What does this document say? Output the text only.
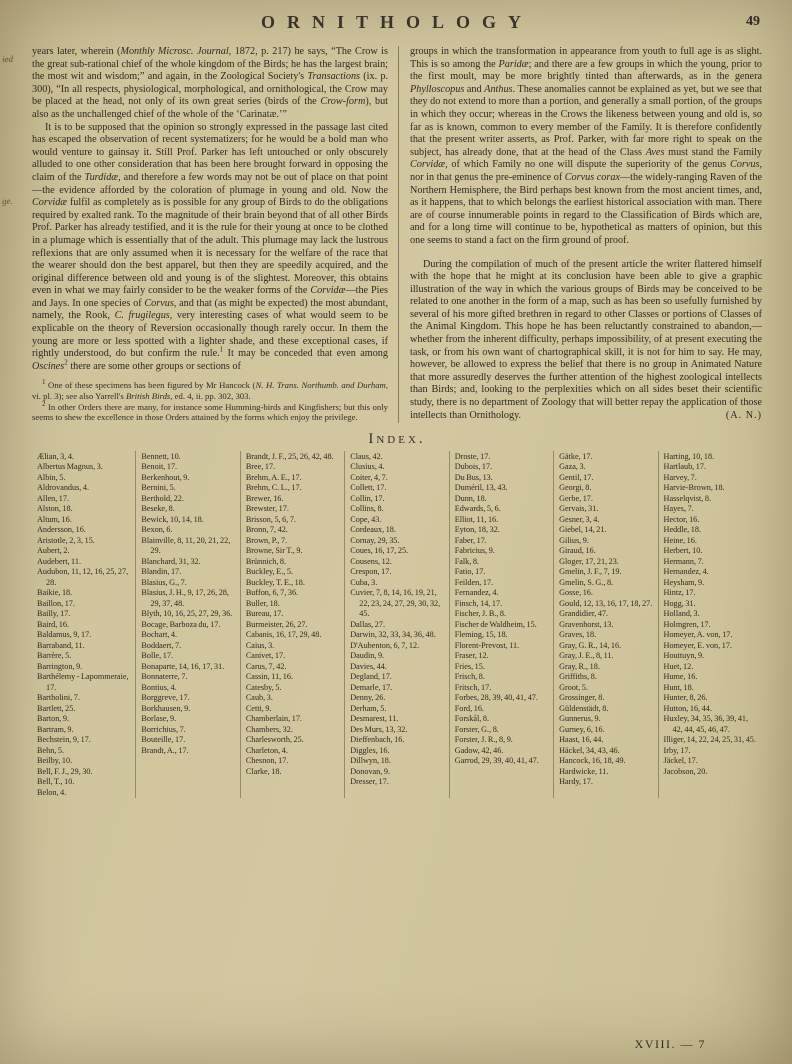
ied
ge.
ORNITHOLOGY	49
years later, wherein (Monthly Microsc. Journal, 1872, p. 217) he says, “The Crow is the great sub-rational chief of the whole kingdom of the Birds; he has the largest brain; the most wit and wisdom;” and again, in the Zoological Society's Transactions (ix. p. 300), “In all respects, physiological, morphological, and ornithological, the Crow may be placed at the head, not only of its own great series (birds of the Crow-form), but also as the unchallenged chief of the whole of the ‘Carinatæ.’”
It is to be supposed that the opinion so strongly expressed in the passage last cited has escaped the observation of recent systematizers; for he would be a bold man who would venture to gainsay it. Still Prof. Parker has left untouched or only obscurely alluded to one other consideration that has been here brought forward in opposing the claim of the Turdidæ, and therefore a few words may not be out of place on that point—the evidence afforded by the coloration of plumage in young and old. Now the Corvidæ fulfil as completely as is possible for any group of Birds to do the obligations required by exalted rank. To the magnitude of their brain beyond that of all other Birds Prof. Parker has already testified, and it is the rule for their young at once to be clothed in a plumage which is essentially that of the adult. This plumage may lack the lustrous reflexions that are only assumed when it is necessary for the welfare of the race that the wearer should don the best apparel, but then they are speedily acquired, and the original difference between old and young is of the slightest. Moreover, this obtains even in what we may fairly consider to be the weaker forms of the Corvidæ—the Pies and Jays. In one species of Corvus, and that (as might be expected) the most abundant, namely, the Rook, C. frugilegus, very interesting cases of what would seem to be explicable on the theory of Reversion occasionally though rarely occur. In them the young are more or less spotted with a lighter shade, and these exceptional cases, if rightly understood, do but confirm the rule.$^1$ It may be conceded that even among Oscines$^2$ there are some other groups or sections of
$^1$ One of these specimens has been figured by Mr Hancock (N. H. Trans. Northumb. and Durham, vi. pl. 3); see also Yarrell's British Birds, ed. 4, ii. pp. 302, 303.
$^2$ In other Orders there are many, for instance some Humming-birds and Kingfishers; but this only seems to shew the excellence in those Orders attained by the forms which enjoy the privilege.
groups in which the transformation in appearance from youth to full age is as slight. This is so among the Paridæ; and there are a few groups in which the young, prior to the first moult, may be more brightly tinted than afterwards, as in the genera Phylloscopus and Anthus. These anomalies cannot be explained as yet, but we see that they do not extend to more than a portion, and generally a small portion, of the groups in which they occur; whereas in the Crows the likeness between young and old is, so far as is known, common to every member of the Family. It is therefore confidently that the present writer asserts, as Prof. Parker, with far more right to speak on the subject, has already done, that at the head of the Class Aves must stand the Family Corvidæ, of which Family no one will dispute the superiority of the genus Corvus, nor in that genus the pre-eminence of Corvus corax—the widely-ranging Raven of the Northern Hemisphere, the Bird perhaps best known from the most ancient times, and, as it happens, that to which belongs the earliest historical association with man. There are of course innumerable points in regard to the Classification of Birds which are, and for a long time will continue to be, hypothetical as matters of opinion, but this one seems to stand a fact on the firm ground of proof.
During the compilation of much of the present article the writer flattered himself with the hope that he might at its conclusion have been able to give a graphic illustration of the way in which the various groups of Birds may be conceived to be related to one another in the form of a map, such as has been so usefully furnished by several of his more gifted brethren in regard to other Classes or portions of Classes of the Animal Kingdom. This hope he has been reluctantly constrained to abandon,—whether from the inherent difficulty, perhaps impossibility, of at present executing the task, or from his own want of chartographical skill, it is not for him to say. He may, however, be allowed to express the belief that there is no group in Animated Nature that more assuredly deserves the further attention of the highest zoological intellects than Birds; and, looking to the perplexities which on all sides beset their scientific study, there is no department of Zoology that will better repay the application of those intellects than Ornithology.	(A. N.)
Index.
Ælian, 3, 4.
Albertus Magnus, 3.
Albin, 5.
Aldrovandus, 4.
Allen, 17.
Alston, 18.
Altum, 16.
Andersson, 16.
Aristotle, 2, 3, 15.
Aubert, 2.
Audebert, 11.
Audubon, 11, 12, 16, 25, 27, 28.
Baikie, 18.
Baillon, 17.
Bailly, 17.
Baird, 16.
Baldamus, 9, 17.
Barraband, 11.
Barrère, 5.
Barrington, 9.
Barthélemy - Lapommeraie, 17.
Bartholini, 7.
Bartlett, 25.
Barton, 9.
Bartram, 9.
Bechstein, 9, 17.
Behn, 5.
Beilby, 10.
Bell, F. J., 29, 30.
Bell, T., 10.
Belon, 4.
Bennett, 10.
Benoit, 17.
Berkenhout, 9.
Bernini, 5.
Berthold, 22.
Beseke, 8.
Bewick, 10, 14, 18.
Bexon, 6.
Blainville, 8, 11, 20, 21, 22, 29.
Blanchard, 31, 32.
Blandin, 17.
Blasius, G., 7.
Blasius, J. H., 9, 17, 26, 28, 29, 37, 48.
Blyth, 10, 16, 25, 27, 29, 36.
Bocage, Barboza du, 17.
Bochart, 4.
Boddaert, 7.
Bolle, 17.
Bonaparte, 14, 16, 17, 31.
Bonnaterre, 7.
Bontius, 4.
Borggreve, 17.
Borkhausen, 9.
Borlase, 9.
Borrichius, 7.
Bouteille, 17.
Brandt, A., 17.
Brandt, J. F., 25, 26, 42, 48.
Bree, 17.
Brehm, A. E., 17.
Brehm, C. L., 17.
Brewer, 16.
Brewster, 17.
Brisson, 5, 6, 7.
Bronn, 7, 42.
Brown, P., 7.
Browne, Sir T., 9.
Brünnich, 8.
Buckley, E., 5.
Buckley, T. E., 18.
Buffon, 6, 7, 36.
Buller, 18.
Bureau, 17.
Burmeister, 26, 27.
Cabanis, 16, 17, 29, 48.
Caius, 3.
Canivet, 17.
Carus, 7, 42.
Cassin, 11, 16.
Catesby, 5.
Caub, 3.
Cetti, 9.
Chamberlain, 17.
Chambers, 32.
Charlesworth, 25.
Charleton, 4.
Chesnon, 17.
Clarke, 18.
Claus, 42.
Clusius, 4.
Coiter, 4, 7.
Collett, 17.
Collin, 17.
Collins, 8.
Cope, 43.
Cordeaux, 18.
Cornay, 29, 35.
Coues, 16, 17, 25.
Cousens, 12.
Crespon, 17.
Cuba, 3.
Cuvier, 7, 8, 14, 16, 19, 21, 22, 23, 24, 27, 29, 30, 32, 45.
Dallas, 27.
Darwin, 32, 33, 34, 36, 48.
D'Aubenton, 6, 7, 12.
Daudin, 9.
Davies, 44.
Degland, 17.
Demarle, 17.
Denny, 26.
Derham, 5.
Desmarest, 11.
Des Murs, 13, 32.
Dieffenbach, 16.
Diggles, 16.
Dillwyn, 18.
Donovan, 9.
Dresser, 17.
Droste, 17.
Dubois, 17.
Du Bus, 13.
Duméril, 13, 43.
Dunn, 18.
Edwards, 5, 6.
Elliot, 11, 16.
Eyton, 18, 32.
Faber, 17.
Fabricius, 9.
Falk, 8.
Fatio, 17.
Feilden, 17.
Fernandez, 4.
Finsch, 14, 17.
Fischer, J. B., 8.
Fischer de Waldheim, 15.
Fleming, 15, 18.
Florent-Prevost, 11.
Fraser, 12.
Fries, 15.
Frisch, 8.
Fritsch, 17.
Forbes, 28, 39, 40, 41, 47.
Ford, 16.
Forskål, 8.
Forster, G., 8.
Forster, J. R., 8, 9.
Gadow, 42, 46.
Garrod, 29, 39, 40, 41, 47.
Gätke, 17.
Gaza, 3.
Gentil, 17.
Georgi, 8.
Gerbe, 17.
Gervais, 31.
Gesner, 3, 4.
Giebel, 14, 21.
Gilius, 9.
Giraud, 16.
Gloger, 17, 21, 23.
Gmelin, J. F., 7, 19.
Gmelin, S. G., 8.
Gosse, 16.
Gould, 12, 13, 16, 17, 18, 27.
Grandidier, 47.
Gravenhorst, 13.
Graves, 18.
Gray, G. R., 14, 16.
Gray, J. E., 8, 11.
Gray, R., 18.
Griffiths, 8.
Groot, 5.
Grossinger, 8.
Güldenstädt, 8.
Gunnerus, 9.
Gurney, 6, 16.
Haast, 16, 44.
Häckel, 34, 43, 46.
Hancock, 16, 18, 49.
Hardwicke, 11.
Hardy, 17.
Harting, 10, 18.
Hartlaub, 17.
Harvey, 7.
Harvie-Brown, 18.
Hasselqvist, 8.
Hayes, 7.
Hector, 16.
Heddle, 18.
Heine, 16.
Herbert, 10.
Hermann, 7.
Hernandez, 4.
Heysham, 9.
Hintz, 17.
Hogg, 31.
Holland, 3.
Holmgren, 17.
Homeyer, A. von, 17.
Homeyer, E. von, 17.
Houttuyn, 9.
Huet, 12.
Hume, 16.
Hunt, 18.
Hunter, 8, 26.
Hutton, 16, 44.
Huxley, 34, 35, 36, 39, 41, 42, 44, 45, 46, 47.
Illiger, 14, 22, 24, 25, 31, 45.
Irby, 17.
Jäckel, 17.
Jacobson, 20.
XVIII. — 7
